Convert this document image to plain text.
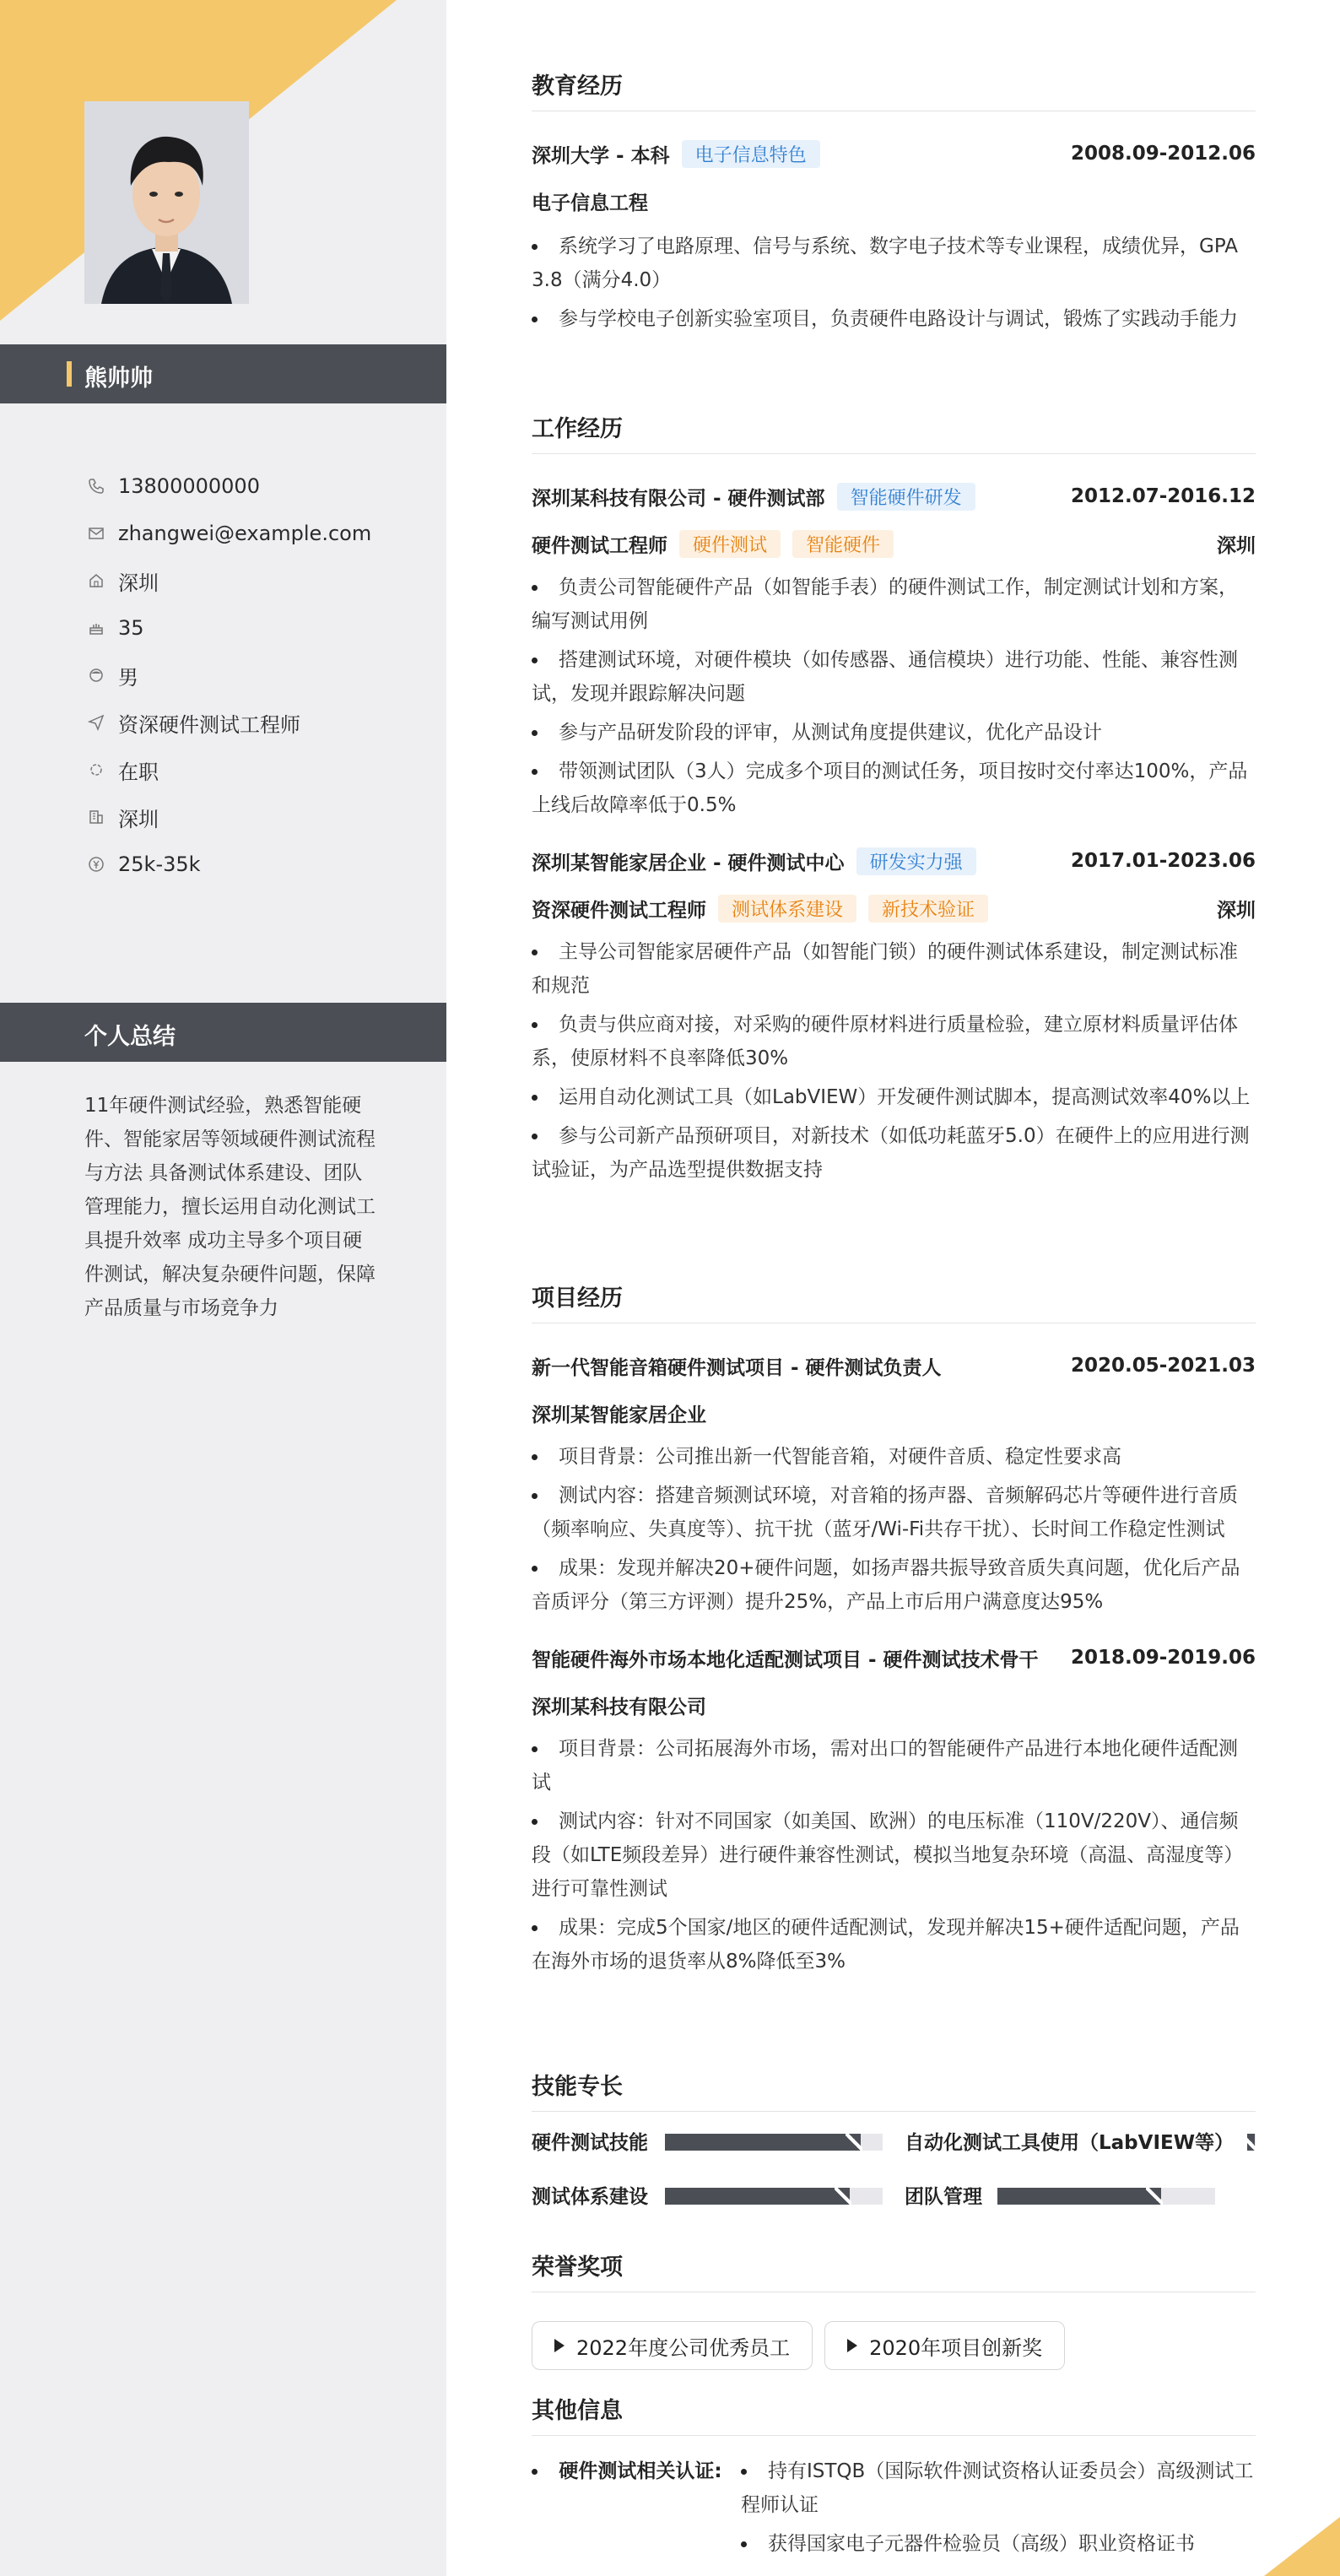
熊帅帅
13800000000
zhangwei@example.com
深圳
35
男
资深硬件测试工程师
在职
深圳
25k-35k
个人总结
11年硬件测试经验，熟悉智能硬件、智能家居等领域硬件测试流程与方法 具备测试体系建设、团队管理能力，擅长运用自动化测试工具提升效率 成功主导多个项目硬件测试，解决复杂硬件问题，保障产品质量与市场竞争力
教育经历
深圳大学 - 本科	电子信息特色	2008.09-2012.06
电子信息工程
系统学习了电路原理、信号与系统、数字电子技术等专业课程，成绩优异，GPA 3.8（满分4.0）
参与学校电子创新实验室项目，负责硬件电路设计与调试，锻炼了实践动手能力
工作经历
深圳某科技有限公司 - 硬件测试部	智能硬件研发	2012.07-2016.12
硬件测试工程师	硬件测试	智能硬件	深圳
负责公司智能硬件产品（如智能手表）的硬件测试工作，制定测试计划和方案，编写测试用例
搭建测试环境，对硬件模块（如传感器、通信模块）进行功能、性能、兼容性测试，发现并跟踪解决问题
参与产品研发阶段的评审，从测试角度提供建议，优化产品设计
带领测试团队（3人）完成多个项目的测试任务，项目按时交付率达100%，产品上线后故障率低于0.5%
深圳某智能家居企业 - 硬件测试中心	研发实力强	2017.01-2023.06
资深硬件测试工程师	测试体系建设	新技术验证	深圳
主导公司智能家居硬件产品（如智能门锁）的硬件测试体系建设，制定测试标准和规范
负责与供应商对接，对采购的硬件原材料进行质量检验，建立原材料质量评估体系，使原材料不良率降低30%
运用自动化测试工具（如LabVIEW）开发硬件测试脚本，提高测试效率40%以上
参与公司新产品预研项目，对新技术（如低功耗蓝牙5.0）在硬件上的应用进行测试验证，为产品选型提供数据支持
项目经历
新一代智能音箱硬件测试项目 - 硬件测试负责人	2020.05-2021.03
深圳某智能家居企业
项目背景：公司推出新一代智能音箱，对硬件音质、稳定性要求高
测试内容：搭建音频测试环境，对音箱的扬声器、音频解码芯片等硬件进行音质（频率响应、失真度等）、抗干扰（蓝牙/Wi-Fi共存干扰）、长时间工作稳定性测试
成果：发现并解决20+硬件问题，如扬声器共振导致音质失真问题，优化后产品音质评分（第三方评测）提升25%，产品上市后用户满意度达95%
智能硬件海外市场本地化适配测试项目 - 硬件测试技术骨干 2018.09-2019.06
深圳某科技有限公司
项目背景：公司拓展海外市场，需对出口的智能硬件产品进行本地化硬件适配测试
测试内容：针对不同国家（如美国、欧洲）的电压标准（110V/220V）、通信频段（如LTE频段差异）进行硬件兼容性测试，模拟当地复杂环境（高温、高湿度等）进行可靠性测试
成果：完成5个国家/地区的硬件适配测试，发现并解决15+硬件适配问题，产品在海外市场的退货率从8%降低至3%
技能专长
硬件测试技能	自动化测试工具使用（LabVIEW等）
测试体系建设	团队管理
荣誉奖项
2022年度公司优秀员工	2020年项目创新奖
其他信息
硬件测试相关认证:	持有ISTQB（国际软件测试资格认证委员会）高级测试工程师认证
获得国家电子元器件检验员（高级）职业资格证书
